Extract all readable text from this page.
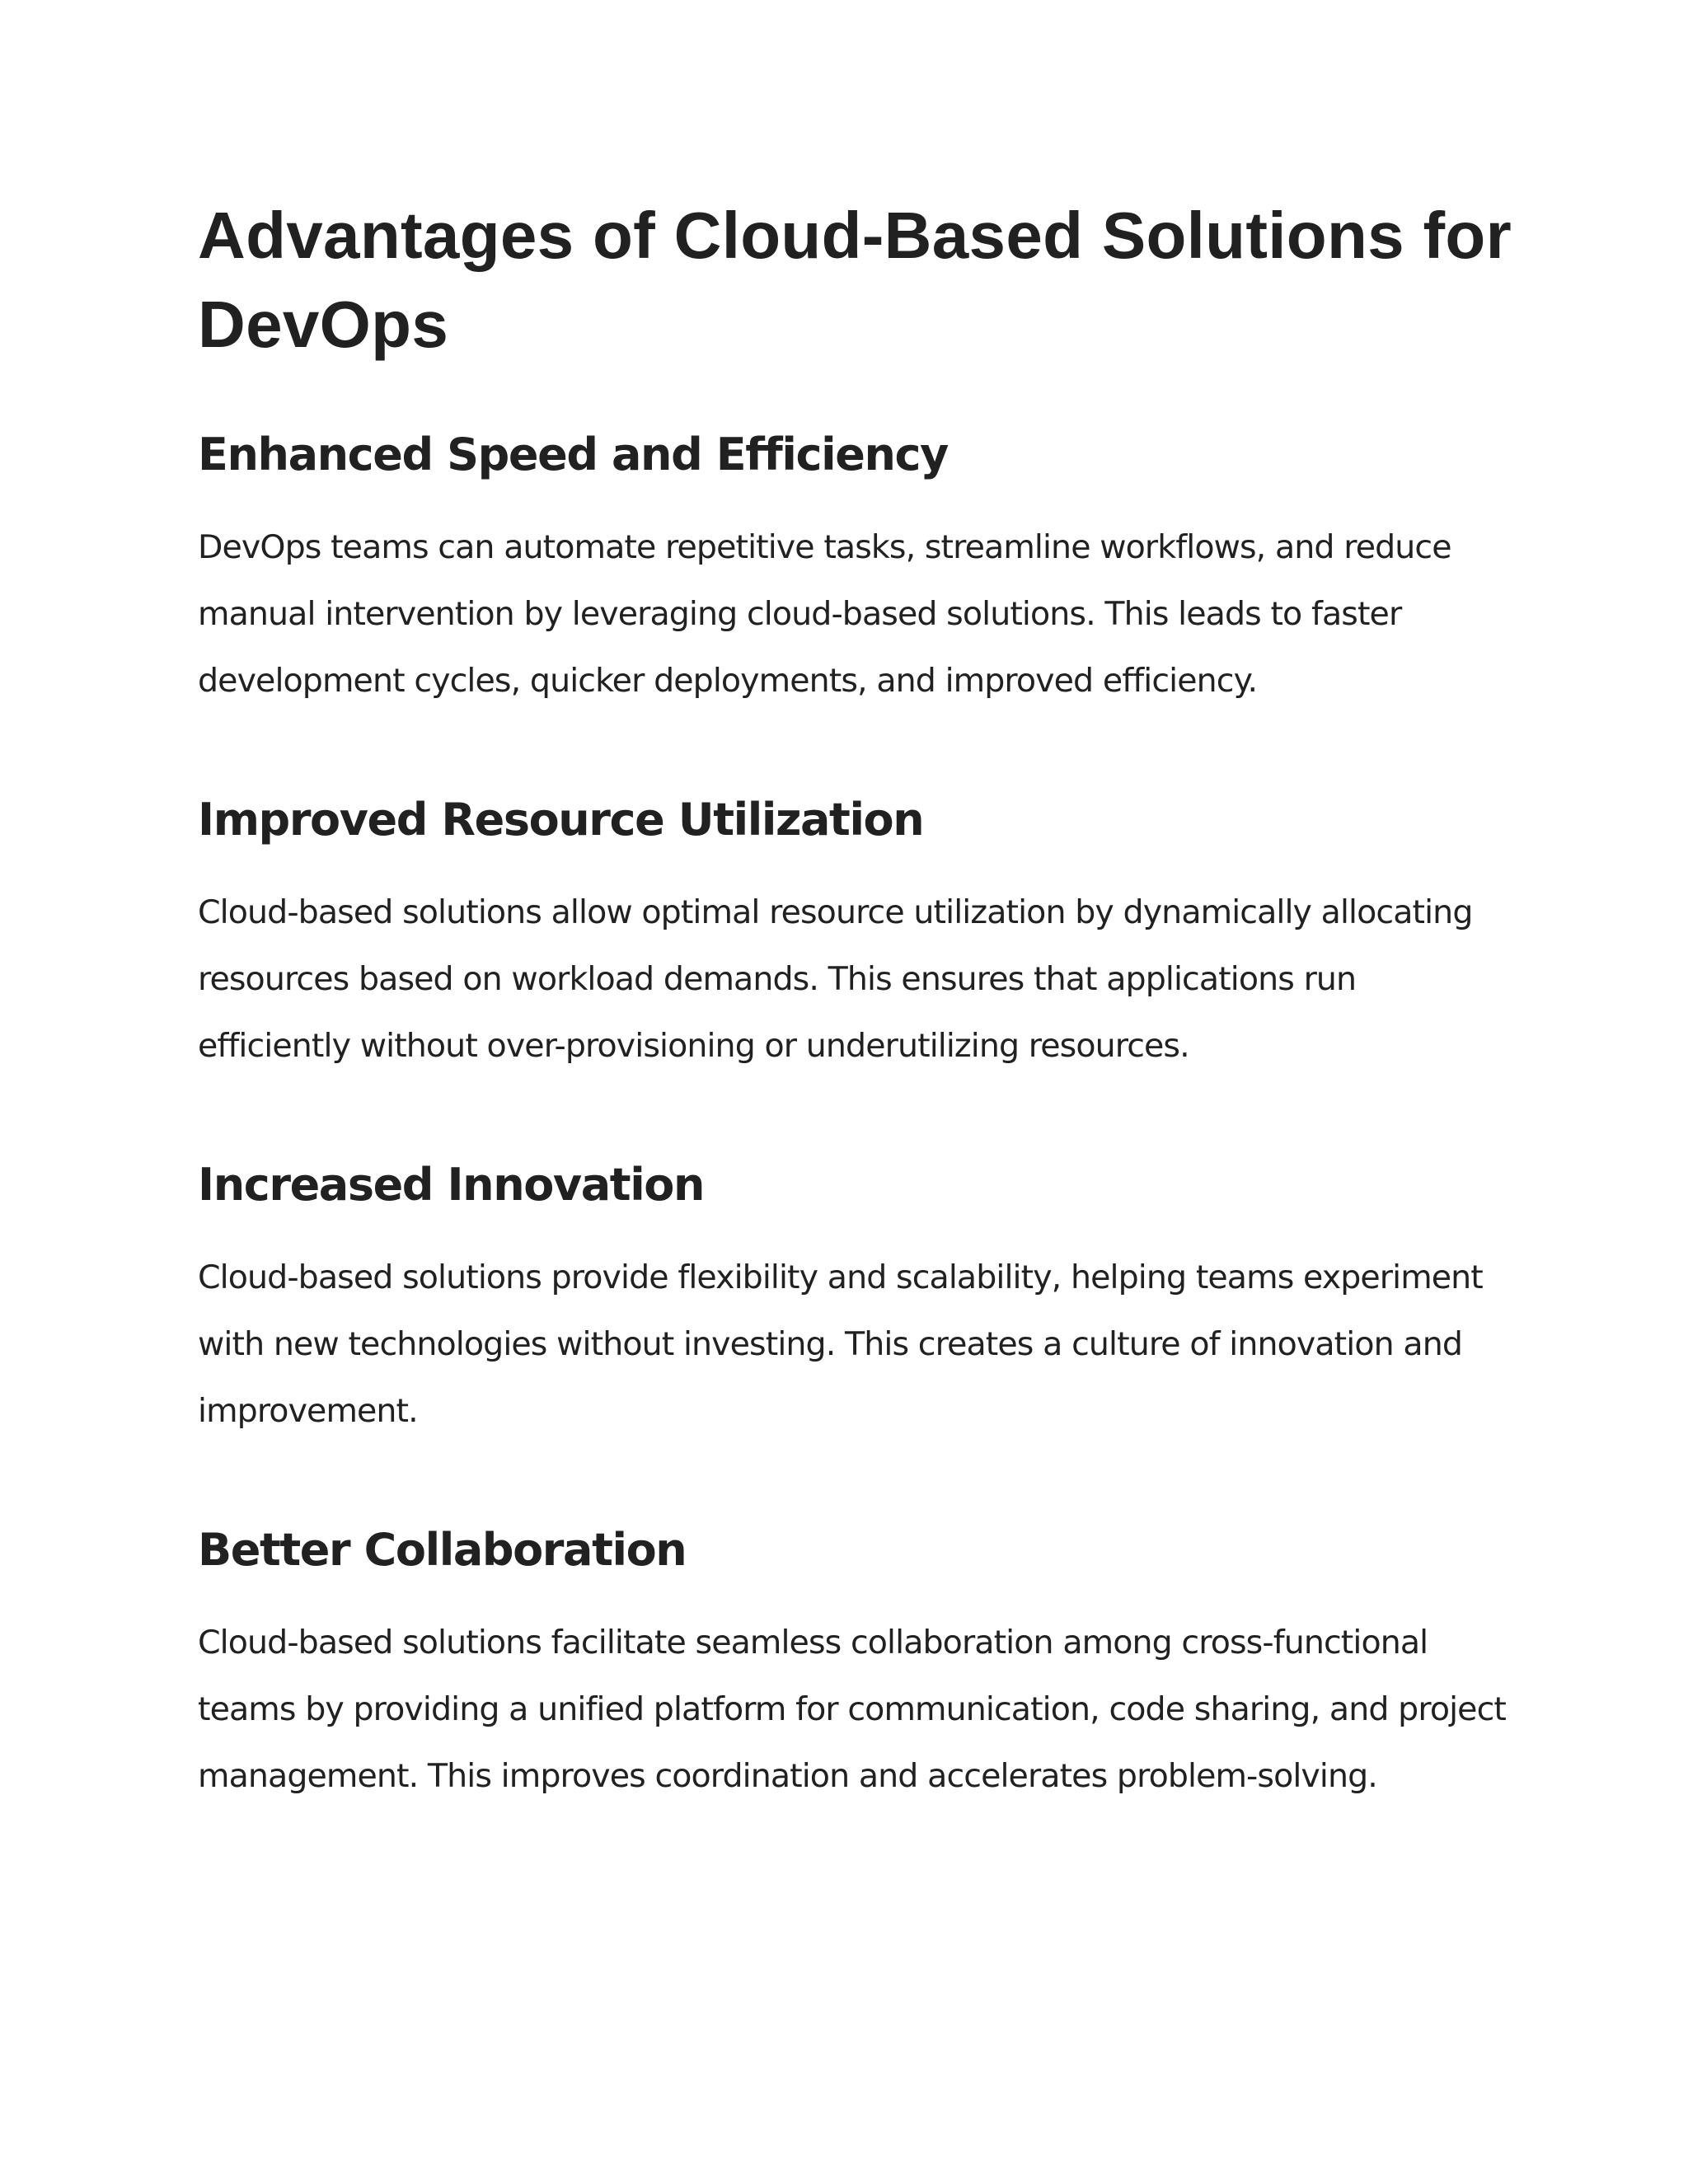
Advantages of Cloud-Based Solutions for DevOps
Enhanced Speed and Efficiency

DevOps teams can automate repetitive tasks, streamline workflows, and reduce manual intervention by leveraging cloud-based solutions. This leads to faster development cycles, quicker deployments, and improved efficiency.

Improved Resource Utilization

Cloud-based solutions allow optimal resource utilization by dynamically allocating resources based on workload demands. This ensures that applications run efficiently without over-provisioning or underutilizing resources.

Increased Innovation

Cloud-based solutions provide flexibility and scalability, helping teams experiment with new technologies without investing. This creates a culture of innovation and improvement.

Better Collaboration

Cloud-based solutions facilitate seamless collaboration among cross-functional teams by providing a unified platform for communication, code sharing, and project management. This improves coordination and accelerates problem-solving.
